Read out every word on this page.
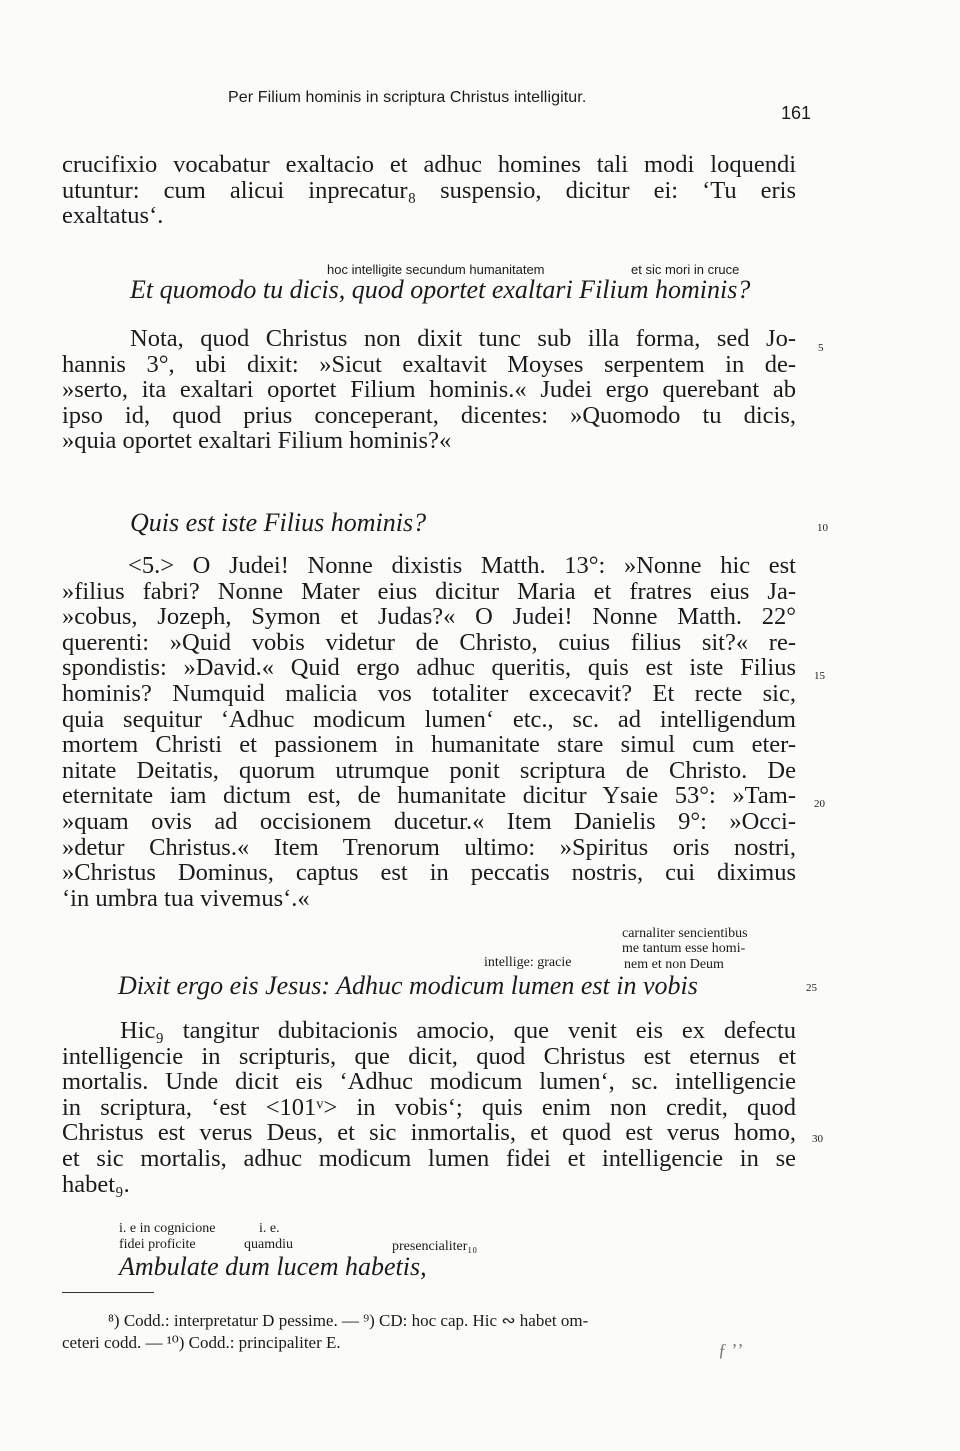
Per Filium hominis in scriptura Christus intelligitur.
161
crucifixio vocabatur exaltacio et adhuc homines tali modi loquendi
utuntur: cum alicui inprecatur₈ suspensio, dicitur ei: ‘Tu eris
exaltatus‘.
hoc intelligite secundum humanitatem	et sic mori in cruce
Et quomodo tu dicis, quod oportet exaltari Filium hominis?
Nota, quod Christus non dixit tunc sub illa forma, sed Jo-
hannis 3°, ubi dixit: »Sicut exaltavit Moyses serpentem in de-
»serto, ita exaltari oportet Filium hominis.« Judei ergo querebant ab
ipso id, quod prius conceperant, dicentes: »Quomodo tu dicis,
»quia oportet exaltari Filium hominis?«
5
Quis est iste Filius hominis?	10
<5.> O Judei! Nonne dixistis Matth. 13°: »Nonne hic est
»filius fabri? Nonne Mater eius dicitur Maria et fratres eius Ja-
»cobus, Jozeph, Symon et Judas?« O Judei! Nonne Matth. 22°
querenti: »Quid vobis videtur de Christo, cuius filius sit?« re-
spondistis: »David.« Quid ergo adhuc queritis, quis est iste Filius
hominis? Numquid malicia vos totaliter excecavit? Et recte sic,
quia sequitur ‘Adhuc modicum lumen‘ etc., sc. ad intelligendum
mortem Christi et passionem in humanitate stare simul cum eter-
nitate Deitatis, quorum utrumque ponit scriptura de Christo. De
eternitate iam dictum est, de humanitate dicitur Ysaie 53°: »Tam-
»quam ovis ad occisionem ducetur.« Item Danielis 9°: »Occi-
»detur Christus.« Item Trenorum ultimo: »Spiritus oris nostri,
»Christus Dominus, captus est in peccatis nostris, cui diximus
‘in umbra tua vivemus‘.«
15
20
carnaliter sencientibus
me tantum esse homi-
intellige: gracie	nem et non Deum
Dixit ergo eis Jesus: Adhuc modicum lumen est in vobis	25
Hic₉ tangitur dubitacionis amocio, que venit eis ex defectu
intelligencie in scripturis, que dicit, quod Christus est eternus et
mortalis. Unde dicit eis ‘Adhuc modicum lumen‘, sc. intelligencie
in scriptura, ‘est <101ᵛ> in vobis‘; quis enim non credit, quod
Christus est verus Deus, et sic inmortalis, et quod est verus homo,
et sic mortalis, adhuc modicum lumen fidei et intelligencie in se
habet₉.
30
i. e in cognicione
fidei proficite
i. e.
quamdiu	presencialiter₁₀
Ambulate dum lucem habetis,
⁸) Codd.: interpretatur D pessime. — ⁹) CD: hoc cap. Hic ∾ habet om-
ceteri codd. — ¹⁰) Codd.: principaliter E.	ƒ ʼ’
